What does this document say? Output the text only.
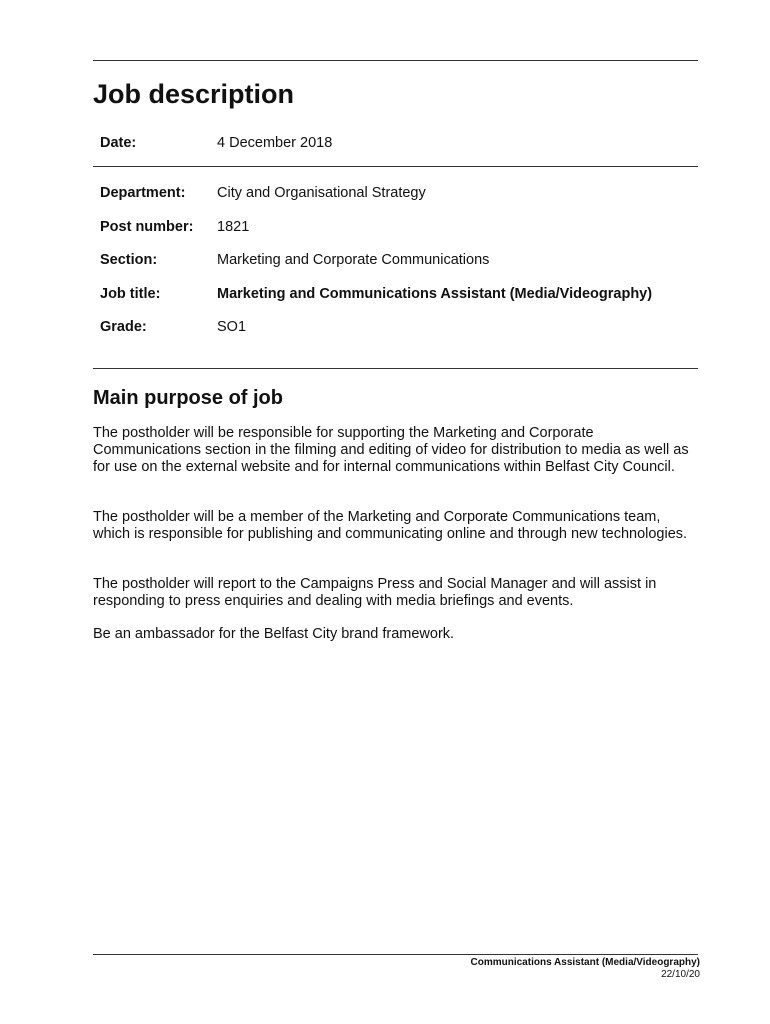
Job description
Date:	4 December 2018
Department:	City and Organisational Strategy
Post number:	1821
Section:	Marketing and Corporate Communications
Job title:	Marketing and Communications Assistant (Media/Videography)
Grade:	SO1
Main purpose of job

The postholder will be responsible for supporting the Marketing and Corporate Communications section in the filming and editing of video for distribution to media as well as for use on the external website and for internal communications within Belfast City Council.

The postholder will be a member of the Marketing and Corporate Communications team, which is responsible for publishing and communicating online and through new technologies.

The postholder will report to the Campaigns Press and Social Manager and will assist in responding to press enquiries and dealing with media briefings and events.

Be an ambassador for the Belfast City brand framework.

Communications Assistant (Media/Videography)
22/10/20
